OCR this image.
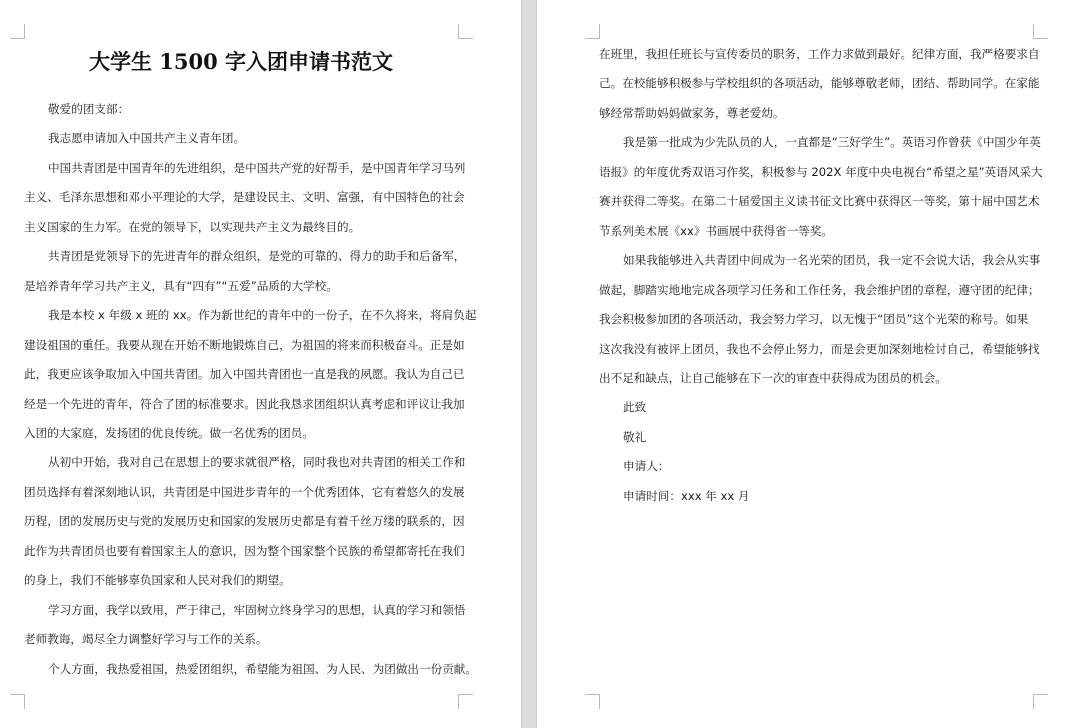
大学生 1500 字入团申请书范文
敬爱的团支部：
我志愿申请加入中国共产主义青年团。
中国共青团是中国青年的先进组织，是中国共产党的好帮手，是中国青年学习马列
主义、毛泽东思想和邓小平理论的大学，是建设民主、文明、富强，有中国特色的社会
主义国家的生力军。在党的领导下，以实现共产主义为最终目的。
共青团是党领导下的先进青年的群众组织，是党的可靠的、得力的助手和后备军，
是培养青年学习共产主义，具有“四有”“五爱”品质的大学校。
我是本校 x 年级 x 班的 xx。作为新世纪的青年中的一份子，在不久将来，将肩负起
建设祖国的重任。我要从现在开始不断地锻炼自己，为祖国的将来而积极奋斗。正是如
此，我更应该争取加入中国共青团。加入中国共青团也一直是我的夙愿。我认为自己已
经是一个先进的青年，符合了团的标准要求。因此我恳求团组织认真考虑和评议让我加
入团的大家庭，发扬团的优良传统。做一名优秀的团员。
从初中开始，我对自己在思想上的要求就很严格，同时我也对共青团的相关工作和
团员选择有着深刻地认识，共青团是中国进步青年的一个优秀团体，它有着悠久的发展
历程，团的发展历史与党的发展历史和国家的发展历史都是有着千丝万缕的联系的，因
此作为共青团员也要有着国家主人的意识，因为整个国家整个民族的希望都寄托在我们
的身上，我们不能够辜负国家和人民对我们的期望。
学习方面，我学以致用，严于律己，牢固树立终身学习的思想，认真的学习和领悟
老师教诲，竭尽全力调整好学习与工作的关系。
个人方面，我热爱祖国，热爱团组织，希望能为祖国、为人民、为团做出一份贡献。
在班里，我担任班长与宣传委员的职务，工作力求做到最好。纪律方面，我严格要求自
己。在校能够积极参与学校组织的各项活动，能够尊敬老师，团结、帮助同学。在家能
够经常帮助妈妈做家务，尊老爱幼。
我是第一批成为少先队员的人，一直都是“三好学生”。英语习作曾获《中国少年英
语报》的年度优秀双语习作奖，积极参与 202X 年度中央电视台“希望之星”英语风采大
赛并获得二等奖。在第二十届爱国主义读书征文比赛中获得区一等奖，第十届中国艺术
节系列美术展《xx》书画展中获得省一等奖。
如果我能够进入共青团中间成为一名光荣的团员，我一定不会说大话，我会从实事
做起，脚踏实地地完成各项学习任务和工作任务，我会维护团的章程，遵守团的纪律；
我会积极参加团的各项活动，我会努力学习，以无愧于“团员”这个光荣的称号。如果
这次我没有被评上团员，我也不会停止努力，而是会更加深刻地检讨自己，希望能够找
出不足和缺点，让自己能够在下一次的审查中获得成为团员的机会。
此致
敬礼
申请人：
申请时间：xxx 年 xx 月
